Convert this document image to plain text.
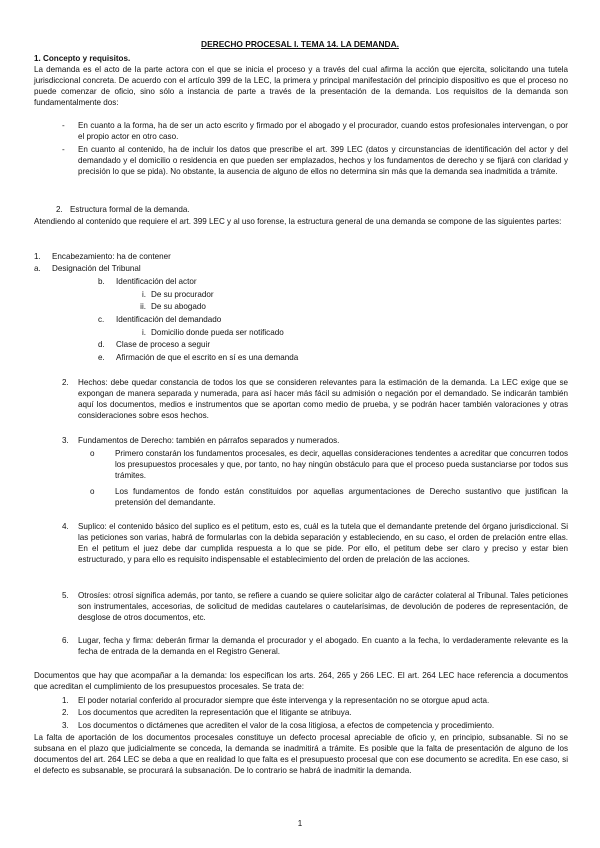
DERECHO PROCESAL I. TEMA 14. LA DEMANDA.

1. Concepto y requisitos.

La demanda es el acto de la parte actora con el que se inicia el proceso y a través del cual afirma la acción que ejercita, solicitando una tutela jurisdiccional concreta. De acuerdo con el artículo 399 de la LEC, la primera y principal manifestación del principio dispositivo es que el proceso no puede comenzar de oficio, sino sólo a instancia de parte a través de la presentación de la demanda. Los requisitos de la demanda son fundamentalmente dos:

- En cuanto a la forma, ha de ser un acto escrito y firmado por el abogado y el procurador, cuando estos profesionales intervengan, o por el propio actor en otro caso.
- En cuanto al contenido, ha de incluir los datos que prescribe el art. 399 LEC (datos y circunstancias de identificación del actor y del demandado y el domicilio o residencia en que pueden ser emplazados, hechos y los fundamentos de derecho y se fijará con claridad y precisión lo que se pida). No obstante, la ausencia de alguno de ellos no determina sin más que la demanda sea inadmitida a trámite.
2. Estructura formal de la demanda.
Atendiendo al contenido que requiere el art. 399 LEC y al uso forense, la estructura general de una demanda se compone de las siguientes partes:
1. Encabezamiento: ha de contener
a. Designación del Tribunal
b. Identificación del actor
i. De su procurador
ii. De su abogado
c. Identificación del demandado
i. Domicilio donde pueda ser notificado
d. Clase de proceso a seguir
e. Afirmación de que el escrito en sí es una demanda
2. Hechos: debe quedar constancia de todos los que se consideren relevantes para la estimación de la demanda. La LEC exige que se expongan de manera separada y numerada, para así hacer más fácil su admisión o negación por el demandado. Se indicarán también aquí los documentos, medios e instrumentos que se aportan como medio de prueba, y se podrán hacer también valoraciones y otras consideraciones sobre esos hechos.
3. Fundamentos de Derecho: también en párrafos separados y numerados.
o	Primero constarán los fundamentos procesales, es decir, aquellas consideraciones tendentes a acreditar que concurren todos los presupuestos procesales y que, por tanto, no hay ningún obstáculo para que el proceso pueda sustanciarse por todos sus trámites.
o	Los fundamentos de fondo están constituidos por aquellas argumentaciones de Derecho sustantivo que justifican la pretensión del demandante.
4. Suplico: el contenido básico del suplico es el petitum, esto es, cuál es la tutela que el demandante pretende del órgano jurisdiccional. Si las peticiones son varias, habrá de formularlas con la debida separación y estableciendo, en su caso, el orden de prelación entre ellas. En el petitum el juez debe dar cumplida respuesta a lo que se pide. Por ello, el petitum debe ser claro y preciso y estar bien estructurado, y para ello es requisito indispensable el establecimiento del orden de prelación de las acciones.
5. Otrosíes: otrosí significa además, por tanto, se refiere a cuando se quiere solicitar algo de carácter colateral al Tribunal. Tales peticiones son instrumentales, accesorias, de solicitud de medidas cautelares o cautelarísimas, de devolución de poderes de representación, de desglose de otros documentos, etc.
6. Lugar, fecha y firma: deberán firmar la demanda el procurador y el abogado. En cuanto a la fecha, lo verdaderamente relevante es la fecha de entrada de la demanda en el Registro General.
Documentos que hay que acompañar a la demanda: los especifican los arts. 264, 265 y 266 LEC. El art. 264 LEC hace referencia a documentos que acreditan el cumplimiento de los presupuestos procesales. Se trata de:
1. El poder notarial conferido al procurador siempre que éste intervenga y la representación no se otorgue apud acta.
2. Los documentos que acrediten la representación que el litigante se atribuya.
3. Los documentos o dictámenes que acrediten el valor de la cosa litigiosa, a efectos de competencia y procedimiento.
La falta de aportación de los documentos procesales constituye un defecto procesal apreciable de oficio y, en principio, subsanable. Si no se subsana en el plazo que judicialmente se conceda, la demanda se inadmitirá a trámite. Es posible que la falta de presentación de alguno de los documentos del art. 264 LEC se deba a que en realidad lo que falta es el presupuesto procesal que con ese documento se acredita. En ese caso, si el defecto es subsanable, se procurará la subsanación. De lo contrario se habrá de inadmitir la demanda.
1
